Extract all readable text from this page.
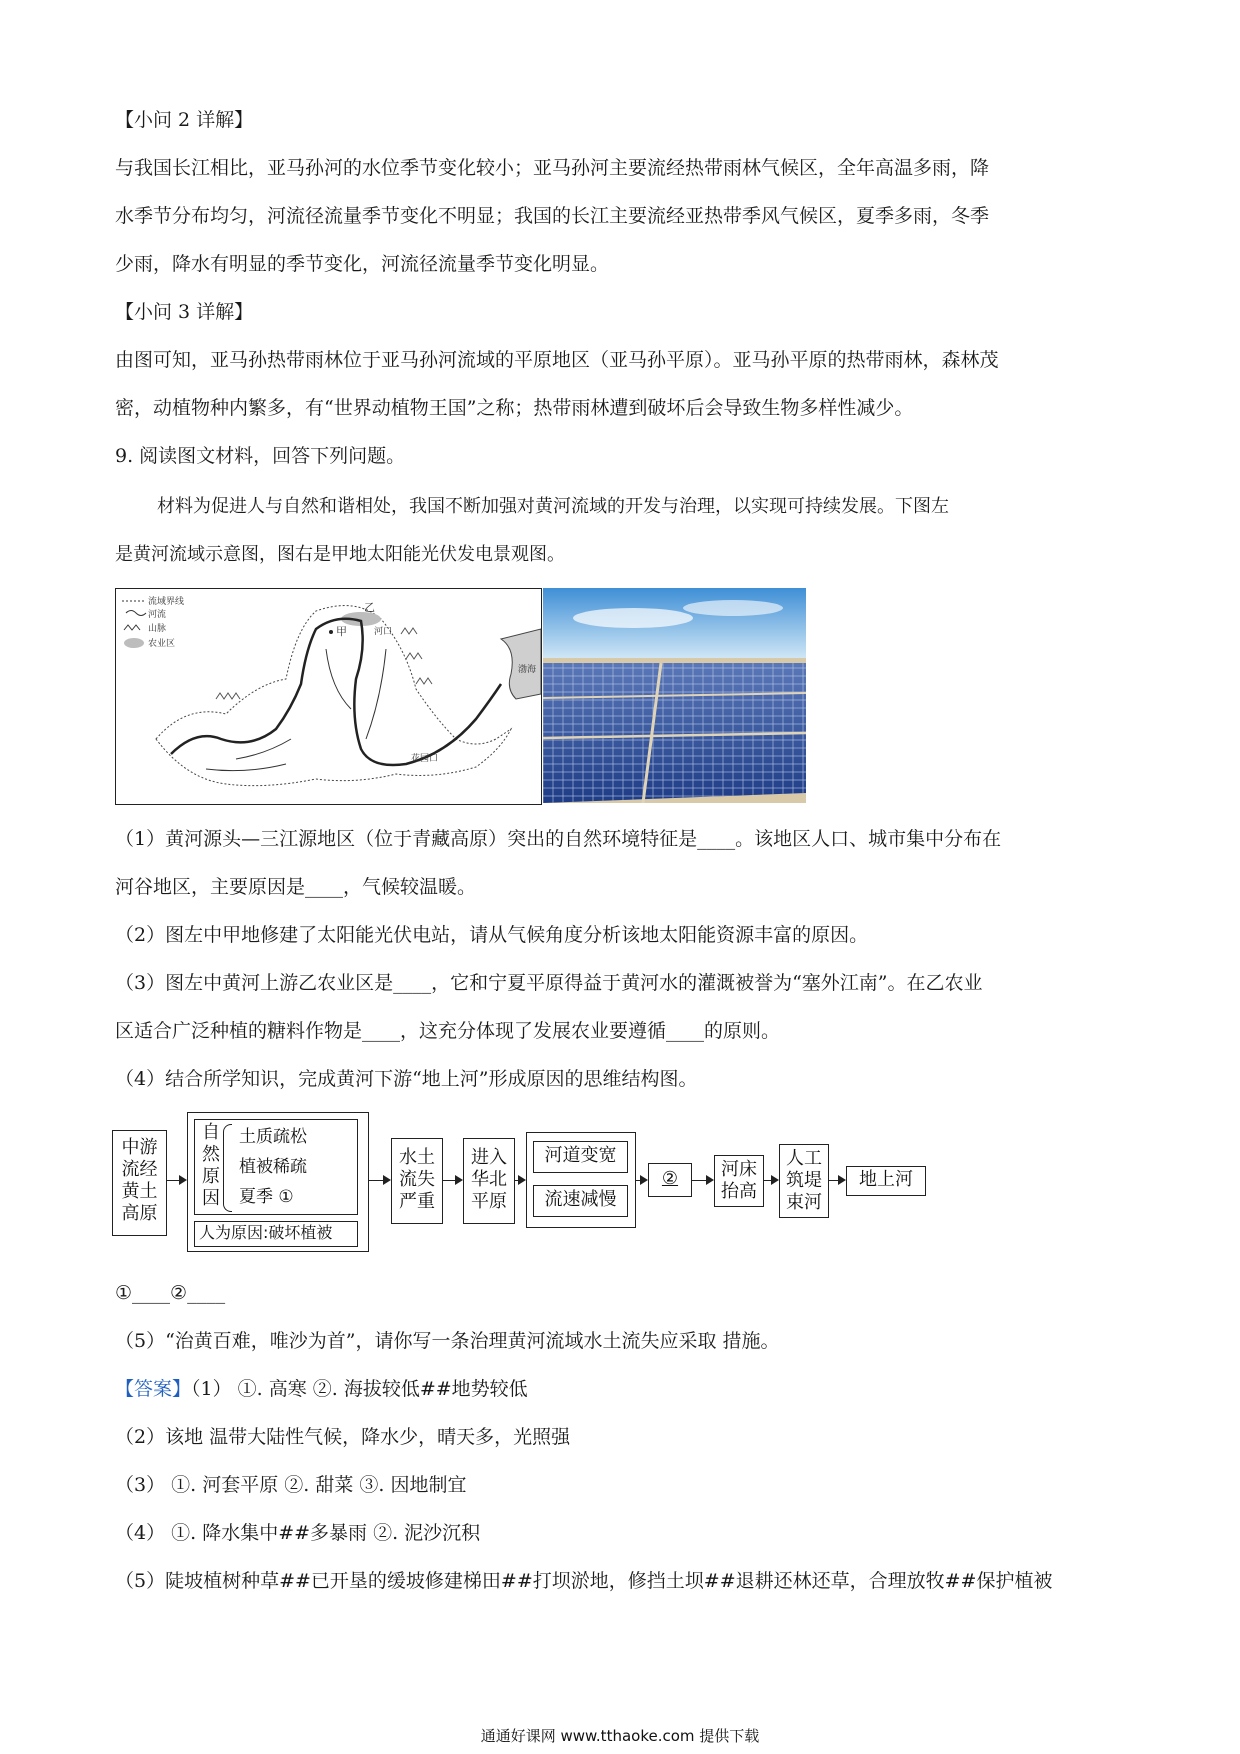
【小问 2 详解】
与我国长江相比，亚马孙河的水位季节变化较小；亚马孙河主要流经热带雨林气候区，全年高温多雨，降
水季节分布均匀，河流径流量季节变化不明显；我国的长江主要流经亚热带季风气候区，夏季多雨，冬季
少雨，降水有明显的季节变化，河流径流量季节变化明显。
【小问 3 详解】
由图可知，亚马孙热带雨林位于亚马孙河流域的平原地区（亚马孙平原）。亚马孙平原的热带雨林，森林茂
密，动植物种内繁多，有“世界动植物王国”之称；热带雨林遭到破坏后会导致生物多样性减少。
9. 阅读图文材料，回答下列问题。
材料为促进人与自然和谐相处，我国不断加强对黄河流域的开发与治理，以实现可持续发展。下图左
是黄河流域示意图，图右是甲地太阳能光伏发电景观图。
流域界线
河流
山脉
农业区
渤海
甲
乙
河口
花园口
（1）黄河源头—三江源地区（位于青藏高原）突出的自然环境特征是____。该地区人口、城市集中分布在
河谷地区，主要原因是____，气候较温暖。
（2）图左中甲地修建了太阳能光伏电站，请从气候角度分析该地太阳能资源丰富的原因。
（3）图左中黄河上游乙农业区是____，它和宁夏平原得益于黄河水的灌溉被誉为“塞外江南”。在乙农业
区适合广泛种植的糖料作物是____，这充分体现了发展农业要遵循____的原则。
（4）结合所学知识，完成黄河下游“地上河”形成原因的思维结构图。
中游
流经
黄土
高原
自
然
原
因
土质疏松
植被稀疏
夏季 ①
人为原因:破坏植被
水土
流失
严重
进入
华北
平原
河道变宽
流速减慢
②	河床
抬高
人工
筑堤
束河
地上河
①____②____
（5）“治黄百难，唯沙为首”，请你写一条治理黄河流域水土流失应采取 措施。
【答案】（1） ①. 高寒 ②. 海拔较低##地势较低
（2）该地 温带大陆性气候，降水少，晴天多，光照强
（3） ①. 河套平原 ②. 甜菜 ③. 因地制宜
（4） ①. 降水集中##多暴雨 ②. 泥沙沉积
（5）陡坡植树种草##已开垦的缓坡修建梯田##打坝淤地，修挡土坝##退耕还林还草，合理放牧##保护植被
通通好课网 www.tthaoke.com 提供下载
